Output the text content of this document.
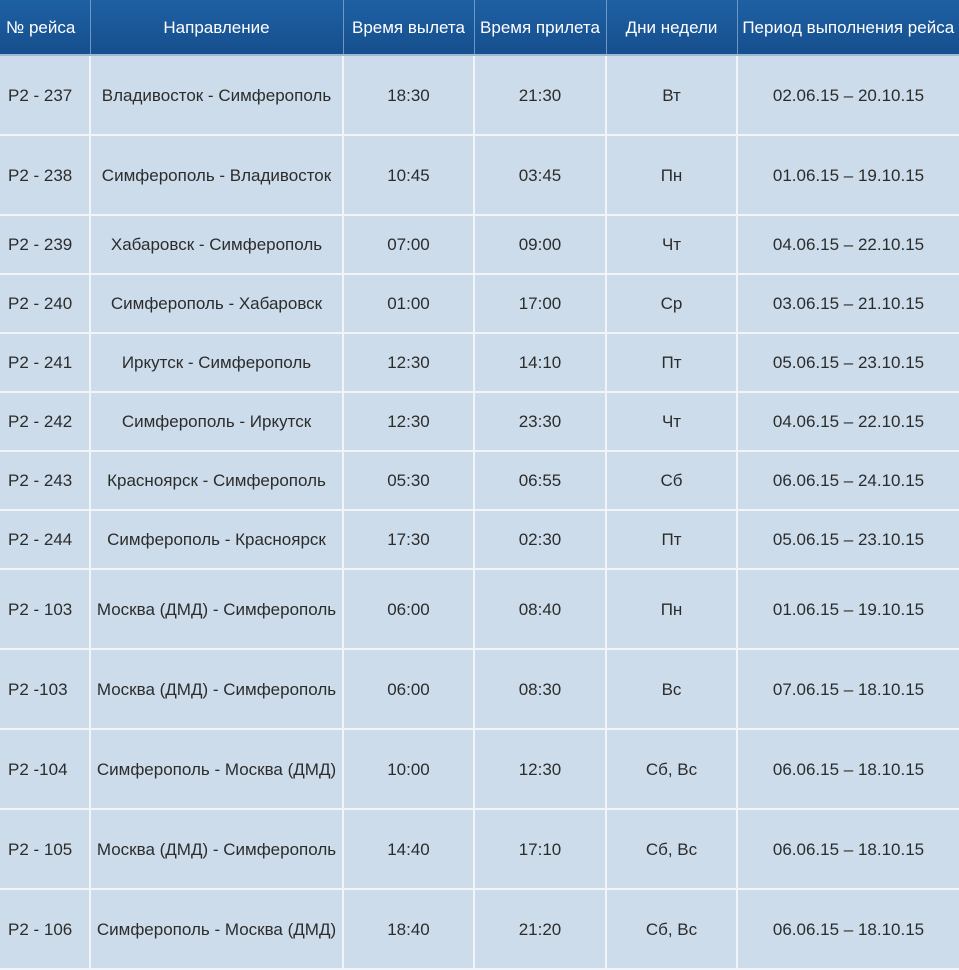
№ рейса	Направление	Время вылета	Время прилета	Дни недели	Период выполнения рейса
P2 - 237	Владивосток - Симферополь	18:30	21:30	Вт	02.06.15 – 20.10.15
P2 - 238	Симферополь - Владивосток	10:45	03:45	Пн	01.06.15 – 19.10.15
P2 - 239	Хабаровск - Симферополь	07:00	09:00	Чт	04.06.15 – 22.10.15
P2 - 240	Симферополь - Хабаровск	01:00	17:00	Ср	03.06.15 – 21.10.15
P2 - 241	Иркутск - Симферополь	12:30	14:10	Пт	05.06.15 – 23.10.15
P2 - 242	Симферополь - Иркутск	12:30	23:30	Чт	04.06.15 – 22.10.15
P2 - 243	Красноярск - Симферополь	05:30	06:55	Сб	06.06.15 – 24.10.15
P2 - 244	Симферополь - Красноярск	17:30	02:30	Пт	05.06.15 – 23.10.15
P2 - 103	Москва (ДМД) - Симферополь	06:00	08:40	Пн	01.06.15 – 19.10.15
P2 -103	Москва (ДМД) - Симферополь	06:00	08:30	Вс	07.06.15 – 18.10.15
P2 -104	Симферополь - Москва (ДМД)	10:00	12:30	Сб, Вс	06.06.15 – 18.10.15
P2 - 105	Москва (ДМД) - Симферополь	14:40	17:10	Сб, Вс	06.06.15 – 18.10.15
P2 - 106	Симферополь - Москва (ДМД)	18:40	21:20	Сб, Вс	06.06.15 – 18.10.15
